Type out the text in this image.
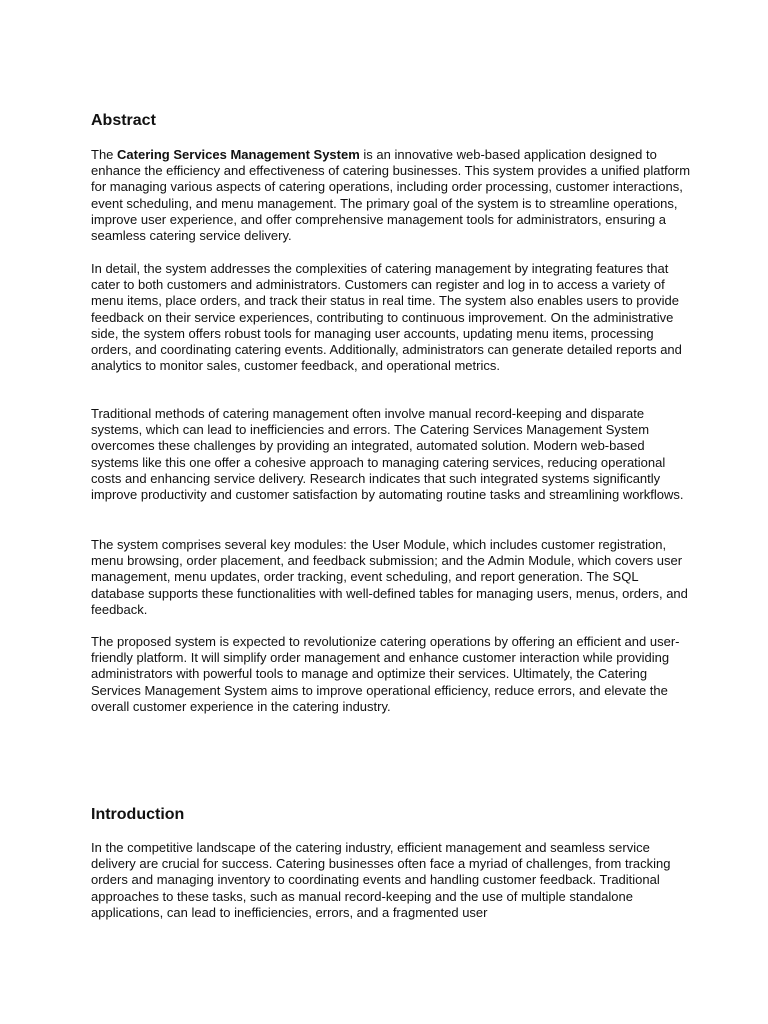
Abstract

The Catering Services Management System is an innovative web-based application designed to enhance the efficiency and effectiveness of catering businesses. This system provides a unified platform for managing various aspects of catering operations, including order processing, customer interactions, event scheduling, and menu management. The primary goal of the system is to streamline operations, improve user experience, and offer comprehensive management tools for administrators, ensuring a seamless catering service delivery.

In detail, the system addresses the complexities of catering management by integrating features that cater to both customers and administrators. Customers can register and log in to access a variety of menu items, place orders, and track their status in real time. The system also enables users to provide feedback on their service experiences, contributing to continuous improvement. On the administrative side, the system offers robust tools for managing user accounts, updating menu items, processing orders, and coordinating catering events. Additionally, administrators can generate detailed reports and analytics to monitor sales, customer feedback, and operational metrics.

Traditional methods of catering management often involve manual record-keeping and disparate systems, which can lead to inefficiencies and errors. The Catering Services Management System overcomes these challenges by providing an integrated, automated solution. Modern web-based systems like this one offer a cohesive approach to managing catering services, reducing operational costs and enhancing service delivery. Research indicates that such integrated systems significantly improve productivity and customer satisfaction by automating routine tasks and streamlining workflows.

The system comprises several key modules: the User Module, which includes customer registration, menu browsing, order placement, and feedback submission; and the Admin Module, which covers user management, menu updates, order tracking, event scheduling, and report generation. The SQL database supports these functionalities with well-defined tables for managing users, menus, orders, and feedback.

The proposed system is expected to revolutionize catering operations by offering an efficient and user-friendly platform. It will simplify order management and enhance customer interaction while providing administrators with powerful tools to manage and optimize their services. Ultimately, the Catering Services Management System aims to improve operational efficiency, reduce errors, and elevate the overall customer experience in the catering industry.

Introduction

In the competitive landscape of the catering industry, efficient management and seamless service delivery are crucial for success. Catering businesses often face a myriad of challenges, from tracking orders and managing inventory to coordinating events and handling customer feedback. Traditional approaches to these tasks, such as manual record-keeping and the use of multiple standalone applications, can lead to inefficiencies, errors, and a fragmented user
